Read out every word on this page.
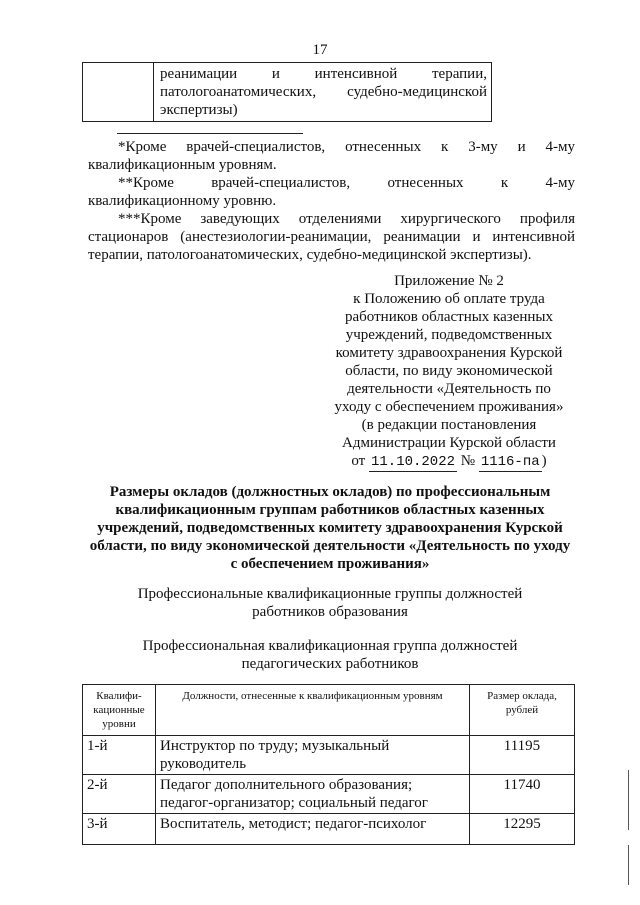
17

реанимации и интенсивной терапии,
патологоанатомических, судебно-медицинской
экспертизы)

*Кроме врачей-специалистов, отнесенных к 3-му и 4-му
квалификационным уровням.

**Кроме врачей-специалистов, отнесенных к 4-му
квалификационному уровню.

***Кроме заведующих отделениями хирургического профиля
стационаров (анестезиологии-реанимации, реанимации и интенсивной
терапии, патологоанатомических, судебно-медицинской экспертизы).

Приложение № 2
к Положению об оплате труда
работников областных казенных
учреждений, подведомственных
комитету здравоохранения Курской
области, по виду экономической
деятельности «Деятельность по
уходу с обеспечением проживания»
(в редакции постановления
Администрации Курской области
от 11.10.2022 № 1116-па )
Размеры окладов (должностных окладов) по профессиональным
квалификационным группам работников областных казенных
учреждений, подведомственных комитету здравоохранения Курской
области, по виду экономической деятельности «Деятельность по уходу
с обеспечением проживания»
Профессиональные квалификационные группы должностей
работников образования
Профессиональная квалификационная группа должностей
педагогических работников
Квалифи-кационные уровни	Должности, отнесенные к квалификационным уровням	Размер оклада, рублей
1-й	Инструктор по труду; музыкальный руководитель	11195
2-й	Педагог дополнительного образования; педагог-организатор; социальный педагог	11740
3-й	Воспитатель, методист; педагог-психолог	12295
